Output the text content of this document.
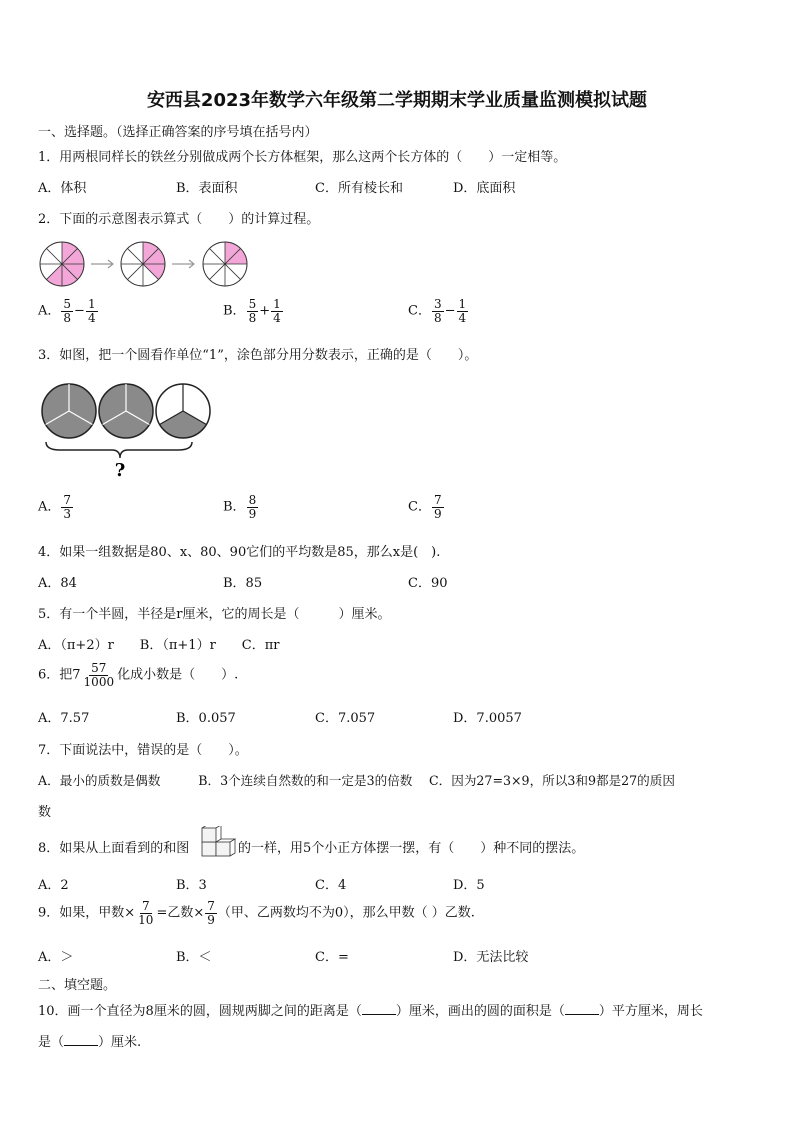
安西县2023年数学六年级第二学期期末学业质量监测模拟试题
一、选择题。（选择正确答案的序号填在括号内）
1．用两根同样长的铁丝分别做成两个长方体框架，那么这两个长方体的（　　）一定相等。
A．体积	B．表面积	C．所有棱长和	D．底面积
2．下面的示意图表示算式（　　）的计算过程。
A． $\frac{5}{8} - \frac{1}{4}$	B． $\frac{5}{8} + \frac{1}{4}$	C． $\frac{3}{8} - \frac{1}{4}$
3．如图，把一个圆看作单位“1”，涂色部分用分数表示，正确的是（　　）。
?
A． $\frac{7}{3}$	B． $\frac{8}{9}$	C． $\frac{7}{9}$
4．如果一组数据是80、x、80、90它们的平均数是85，那么x是(　).
A．84	B．85	C．90
5．有一个半圆，半径是r厘米，它的周长是（　　　）厘米。
A．（π+2）r　　B．（π+1）r　　C．πr
6．把$7 \frac{57}{1000}$ 化成小数是（　　）.
A．7.57	B．0.057	C．7.057	D．7.0057
7．下面说法中，错误的是（　　）。
A．最小的质数是偶数　　　B．3个连续自然数的和一定是3的倍数　 C．因为27=3×9，所以3和9都是27的质因
数
8．如果从上面看到的和图	的一样，用5个小正方体摆一摆，有（　　）种不同的摆法。
A．2	B．3	C．4	D．5
9．如果，甲数× $\frac{7}{10}$ =乙数× $\frac{7}{9}$ （甲、乙两数均不为0），那么甲数（ ）乙数.
A．＞	B．＜	C．=	D．无法比较
二、填空题。
10．画一个直径为8厘米的圆，圆规两脚之间的距离是（	）厘米，画出的圆的面积是（	）平方厘米，周长
是（	）厘米.
